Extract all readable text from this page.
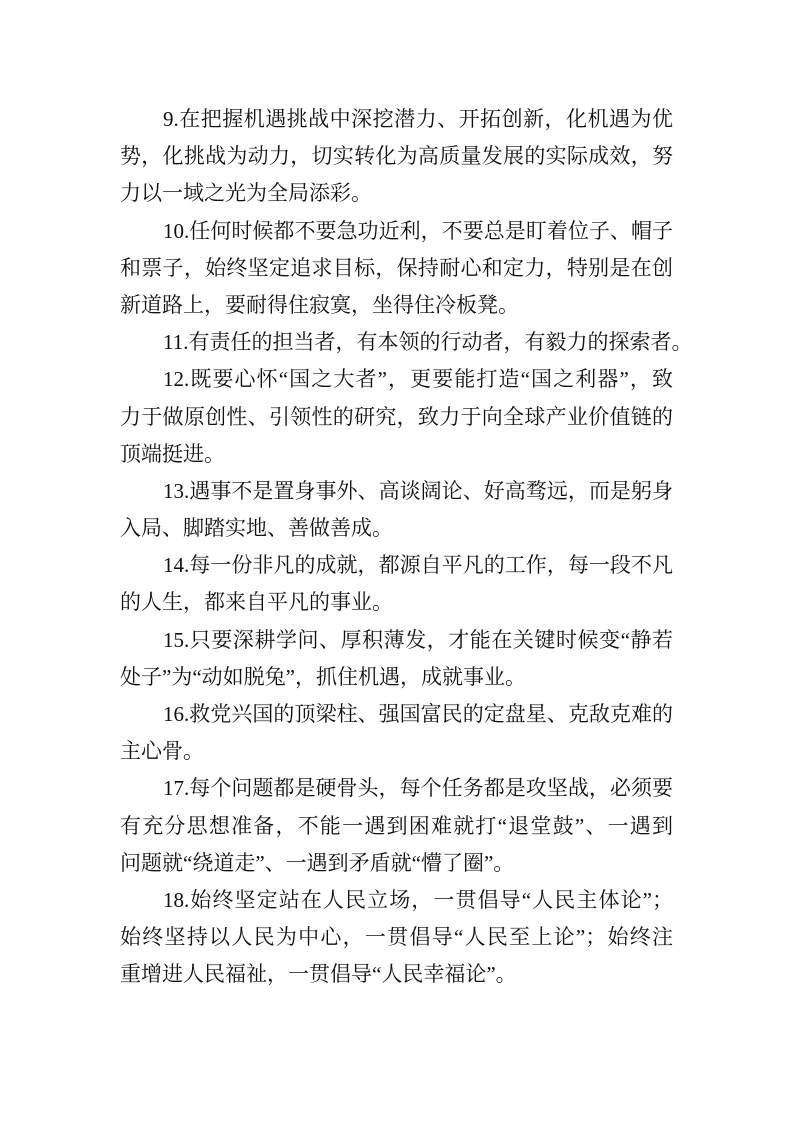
9.在把握机遇挑战中深挖潜力、开拓创新，化机遇为优
势，化挑战为动力，切实转化为高质量发展的实际成效，努
力以一域之光为全局添彩。
10.任何时候都不要急功近利，不要总是盯着位子、帽子
和票子，始终坚定追求目标，保持耐心和定力，特别是在创
新道路上，要耐得住寂寞，坐得住冷板凳。
11.有责任的担当者，有本领的行动者，有毅力的探索者。
12.既要心怀“国之大者”，更要能打造“国之利器”，致
力于做原创性、引领性的研究，致力于向全球产业价值链的
顶端挺进。
13.遇事不是置身事外、高谈阔论、好高骛远，而是躬身
入局、脚踏实地、善做善成。
14.每一份非凡的成就，都源自平凡的工作，每一段不凡
的人生，都来自平凡的事业。
15.只要深耕学问、厚积薄发，才能在关键时候变“静若
处子”为“动如脱兔”，抓住机遇，成就事业。
16.救党兴国的顶梁柱、强国富民的定盘星、克敌克难的
主心骨。
17.每个问题都是硬骨头，每个任务都是攻坚战，必须要
有充分思想准备，不能一遇到困难就打“退堂鼓”、一遇到
问题就“绕道走”、一遇到矛盾就“懵了圈”。
18.始终坚定站在人民立场，一贯倡导“人民主体论”；
始终坚持以人民为中心，一贯倡导“人民至上论”；始终注
重增进人民福祉，一贯倡导“人民幸福论”。
